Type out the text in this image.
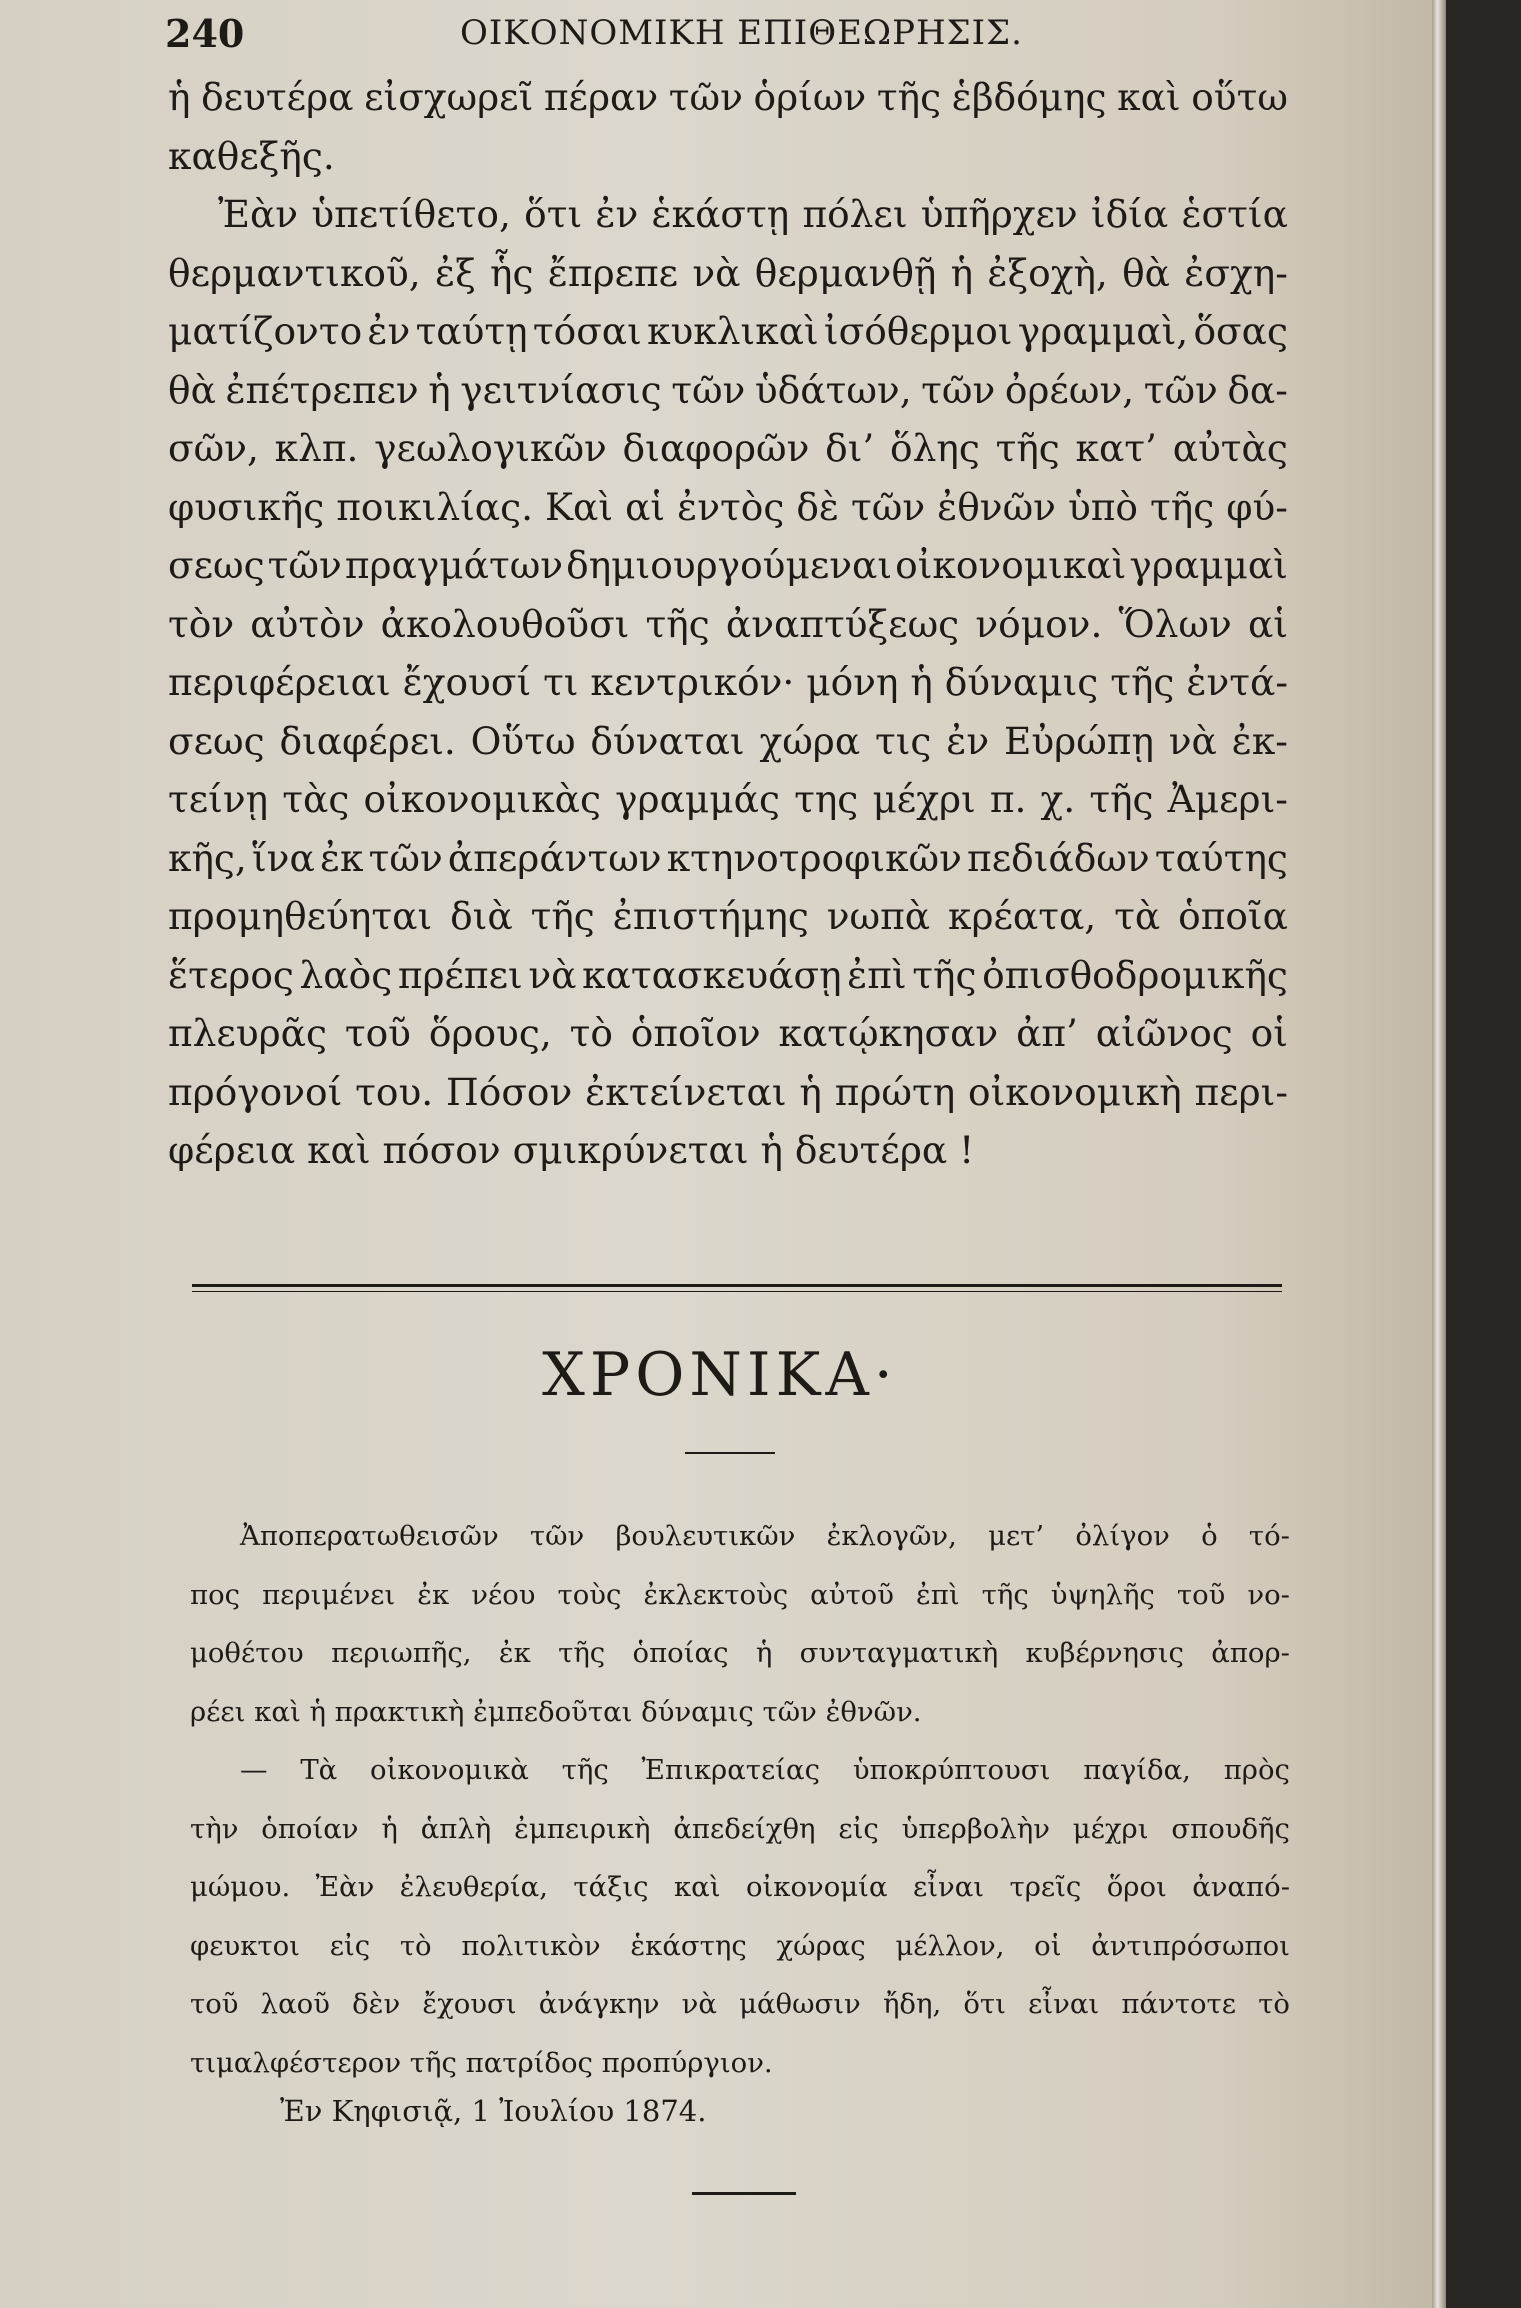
240	ΟΙΚΟΝΟΜΙΚΗ ΕΠΙΘΕΩΡΗΣΙΣ.
ἡ δευτέρα εἰσχωρεῖ πέραν τῶν ὁρίων τῆς ἑβδόμης καὶ οὕτω
καθεξῆς.
Ἐὰν ὑπετίθετο, ὅτι ἐν ἑκάστῃ πόλει ὑπῆρχεν ἰδία ἑστία
θερμαντικοῦ, ἐξ ἧς ἔπρεπε νὰ θερμανθῇ ἡ ἐξοχὴ, θὰ ἐσχη-
ματίζοντο ἐν ταύτῃ τόσαι κυκλικαὶ ἰσόθερμοι γραμμαὶ, ὅσας
θὰ ἐπέτρεπεν ἡ γειτνίασις τῶν ὑδάτων, τῶν ὀρέων, τῶν δα-
σῶν, κλπ. γεωλογικῶν διαφορῶν δι’ ὅλης τῆς κατ’ αὐτὰς
φυσικῆς ποικιλίας. Καὶ αἱ ἐντὸς δὲ τῶν ἐθνῶν ὑπὸ τῆς φύ-
σεως τῶν πραγμάτων δημιουργούμεναι οἰκονομικαὶ γραμμαὶ
τὸν αὐτὸν ἀκολουθοῦσι τῆς ἀναπτύξεως νόμον. Ὅλων αἱ
περιφέρειαι ἔχουσί τι κεντρικόν· μόνη ἡ δύναμις τῆς ἐντά-
σεως διαφέρει. Οὕτω δύναται χώρα τις ἐν Εὐρώπῃ νὰ ἐκ-
τείνῃ τὰς οἰκονομικὰς γραμμάς της μέχρι π. χ. τῆς Ἀμερι-
κῆς, ἵνα ἐκ τῶν ἀπεράντων κτηνοτροφικῶν πεδιάδων ταύτης
προμηθεύηται διὰ τῆς ἐπιστήμης νωπὰ κρέατα, τὰ ὁποῖα
ἕτερος λαὸς πρέπει νὰ κατασκευάσῃ ἐπὶ τῆς ὀπισθοδρομικῆς
πλευρᾶς τοῦ ὅρους, τὸ ὁποῖον κατῴκησαν ἀπ’ αἰῶνος οἱ
πρόγονοί του. Πόσον ἐκτείνεται ἡ πρώτη οἰκονομικὴ περι-
φέρεια καὶ πόσον σμικρύνεται ἡ δευτέρα !
ΧΡΟΝΙΚΑ·
Ἀποπερατωθεισῶν τῶν βουλευτικῶν ἐκλογῶν, μετ’ ὀλίγον ὁ τό-
πος περιμένει ἐκ νέου τοὺς ἐκλεκτοὺς αὐτοῦ ἐπὶ τῆς ὑψηλῆς τοῦ νο-
μοθέτου περιωπῆς, ἐκ τῆς ὁποίας ἡ συνταγματικὴ κυβέρνησις ἀπορ-
ρέει καὶ ἡ πρακτικὴ ἐμπεδοῦται δύναμις τῶν ἐθνῶν.
— Τὰ οἰκονομικὰ τῆς Ἐπικρατείας ὑποκρύπτουσι παγίδα, πρὸς
τὴν ὁποίαν ἡ ἁπλὴ ἐμπειρικὴ ἀπεδείχθη εἰς ὑπερβολὴν μέχρι σπουδῆς
μώμου. Ἐὰν ἐλευθερία, τάξις καὶ οἰκονομία εἶναι τρεῖς ὅροι ἀναπό-
φευκτοι εἰς τὸ πολιτικὸν ἑκάστης χώρας μέλλον, οἱ ἀντιπρόσωποι
τοῦ λαοῦ δὲν ἔχουσι ἀνάγκην νὰ μάθωσιν ἤδη, ὅτι εἶναι πάντοτε τὸ
τιμαλφέστερον τῆς πατρίδος προπύργιον.
Ἐν Κηφισιᾷ, 1 Ἰουλίου 1874.
